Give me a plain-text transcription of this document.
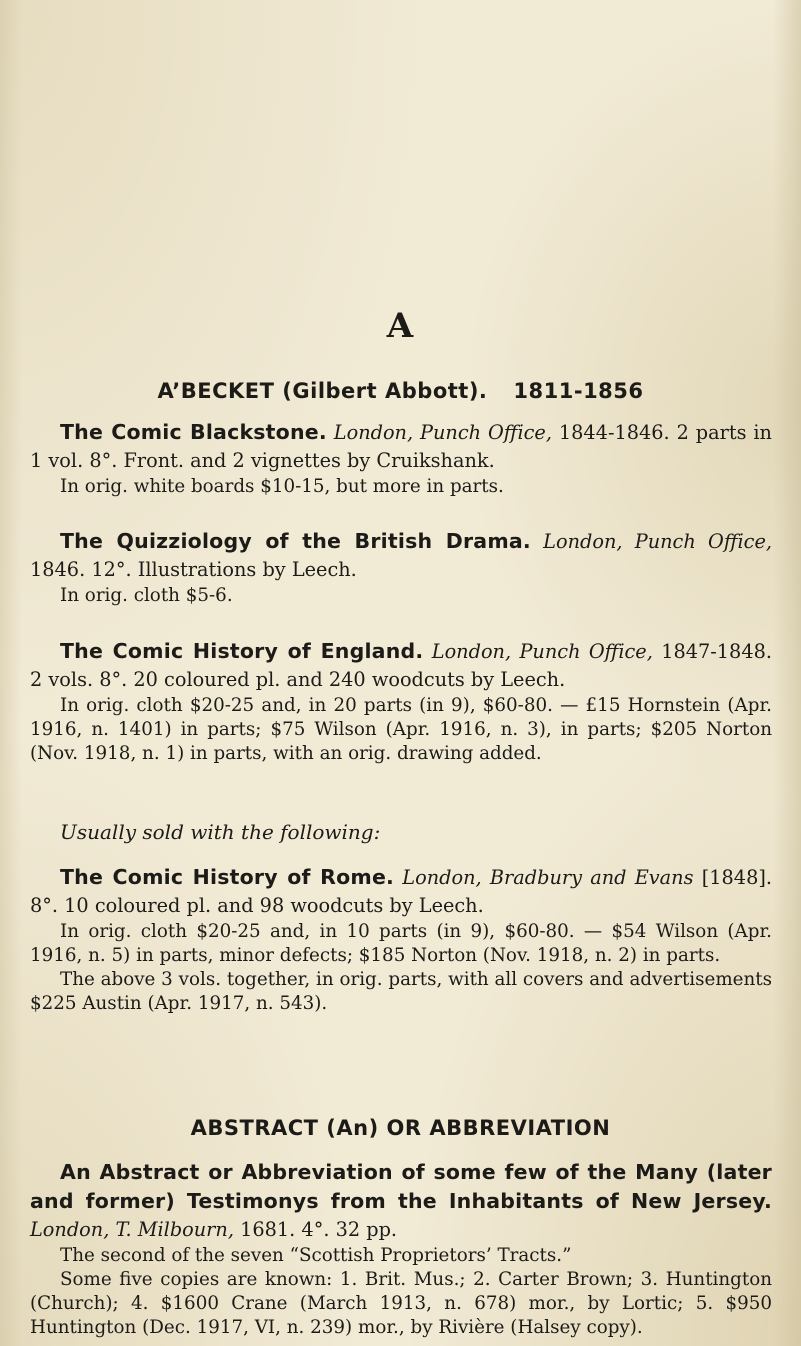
A
A’BECKET (Gilbert Abbott). 1811-1856

The Comic Blackstone. London, Punch Office, 1844-1846. 2 parts in 1 vol. 8°. Front. and 2 vignettes by Cruikshank.

In orig. white boards $10-15, but more in parts.

The Quizziology of the British Drama. London, Punch Office, 1846. 12°. Illustrations by Leech.

In orig. cloth $5-6.

The Comic History of England. London, Punch Office, 1847-1848. 2 vols. 8°. 20 coloured pl. and 240 woodcuts by Leech.

In orig. cloth $20-25 and, in 20 parts (in 9), $60-80. — £15 Hornstein (Apr. 1916, n. 1401) in parts; $75 Wilson (Apr. 1916, n. 3), in parts; $205 Norton (Nov. 1918, n. 1) in parts, with an orig. drawing added.

Usually sold with the following:

The Comic History of Rome. London, Bradbury and Evans [1848]. 8°. 10 coloured pl. and 98 woodcuts by Leech.

In orig. cloth $20-25 and, in 10 parts (in 9), $60-80. — $54 Wilson (Apr. 1916, n. 5) in parts, minor defects; $185 Norton (Nov. 1918, n. 2) in parts.

The above 3 vols. together, in orig. parts, with all covers and advertisements $225 Austin (Apr. 1917, n. 543).

ABSTRACT (An) OR ABBREVIATION

An Abstract or Abbreviation of some few of the Many (later and former) Testimonys from the Inhabitants of New Jersey. London, T. Milbourn, 1681. 4°. 32 pp.

The second of the seven “Scottish Proprietors’ Tracts.”

Some five copies are known: 1. Brit. Mus.; 2. Carter Brown; 3. Huntington (Church); 4. $1600 Crane (March 1913, n. 678) mor., by Lortic; 5. $950 Huntington (Dec. 1917, VI, n. 239) mor., by Rivière (Halsey copy).
